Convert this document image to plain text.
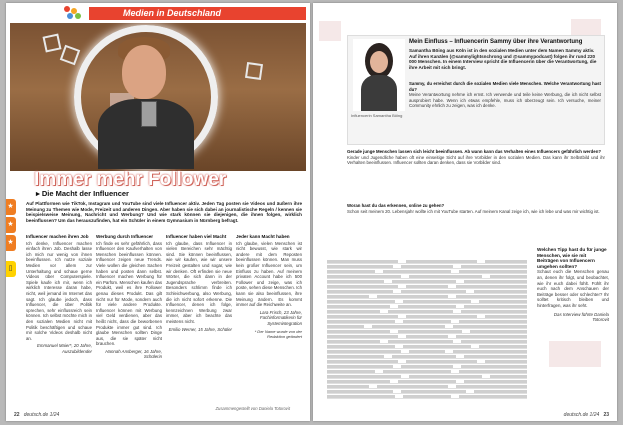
Medien in Deutschland
Immer mehr Follower
★
★
★
▯
▸ Die Macht der Influencer
Auf Plattformen wie TikTok, Instagram und YouTube sind viele Influencer aktiv. Jeden Tag posten sie Videos und äußern ihre Meinung zu Themen wie Mode, Freizeit und anderen Dingen. Aber haben sie sich dabei an journalistische Regeln / kennen sie beispielsweise Meinung, Nachricht und Werbung? Und wie stark können sie diejenigen, die ihnen folgen, wirklich beeinflussen? Um das herauszufinden, hat ein Schüler in einem Gymnasium in Nürnberg befragt.
Influencer machen ihren Job
Ich denke, Influencer machen einfach ihren Job. Deshalb lasse ich mich nur wenig von ihnen beeinflussen. Ich nutze soziale Medien vor allem zur Unterhaltung und schaue gerne Videos über Computerspiele. Spiele kaufe ich mir, wenn ich wirklich Interesse daran habe, nicht, weil jemand im Internet das sagt. Ich glaube jedoch, dass Influencer, die über Politik sprechen, sehr einflussreich sein können. Ich selbst möchte mich in den sozialen Medien nicht mit Politik beschäftigen und schaue mir solche Videos deshalb nicht an.
Emmanuel Maier*, 20 Jahre, Auszubildender
Werbung durch Influencer
Ich finde es sehr gefährlich, dass Influencer den Kaufverhalten von Menschen beeinflussen können. Influencer zeigen neue Trends. Viele wollen die gleichen Sachen haben und posten dann selbst. Influencer machen Werbung für ein Parfüm. Menschen kaufen das Produkt, weil es ihre Follower genau dieses Produkt. Das gilt nicht nur für Mode, sondern auch für viele andere Produkte. Influencer können mit Werbung viel Geld verdienen, aber das heißt nicht, dass die beworbenen Produkte immer gut sind. Ich glaube Menschen sollten Dinge aus, die sie später nicht brauchen.
Hannah Ansberger, 16 Jahre, Schülerin
Influencer haben viel Macht
Ich glaube, dass Influencer in vielen Bereichen sehr mächtig sind. Sie können beeinflussen, wie wir kaufen, wie wir unsere Freizeit gestalten und sogar, wie wir denken. Oft erfinden sie neue Wörter, die sich dann in der Jugendsprache verbreiten. Besonders schlimm finde ich Schleichwerbung, also Werbung, die ich nicht sofort erkenne. Die Influencer, denen ich folge, kennzeichnen Werbung zwar immer, aber ich beachte das meistens nicht.
Emilio Werner, 15 Jahre, Schüler
Jeder kann Macht haben
Ich glaube, vielen Menschen ist nicht bewusst, wie stark wir andere mit dem Reposten beeinflussen können. Man muss kein großer Influencer sein, um Einfluss zu haben. Auf meinem privaten Account habe ich 500 Follower und zeige, was ich poste, sehen diese Menschen. Ich kann sie also beeinflussen, ihre Meinung ändern. Es kommt immer auf die Reichweite an.
Lara Frisch, 23 Jahre, Fachinformatikerin für Systemintegration
* Der Name wurde von der Redaktion geändert
Zusammengestellt von Daniela Totorovit
22 deutsch.de 1/24
Influencerin Samantha Böing
Mein Einfluss – Influencerin Sammy über ihre Verantwortung
Samantha Böing aus Köln ist in den sozialen Medien unter dem Namen Sammy aktiv. Auf ihren Kanälen (@sammylightsnchrong und @sammypodcast) folgen ihr rund 220 000 Menschen. In einem Interview spricht die Influencerin über die Verantwortung, die ihre Arbeit mit sich bringt.
Sammy, du erreichst durch die sozialen Medien viele Menschen. Welche Verantwortung hast du?
Meine Verantwortung nehme ich ernst. Ich verwende und teile keine Werbung, die ich nicht selbst ausprobiert habe. Wenn ich etwas empfehle, muss ich überzeugt sein. Ich versuche, meiner Community ehrlich zu zeigen, was ich denke.
Gerade junge Menschen lassen sich leicht beeinflussen. Ab wann kann das Verhalten eines Influencers gefährlich werden?
Kinder und Jugendliche haben oft eine einseitige Sicht auf ihre Vorbilder in den sozialen Medien. Das kann ihr Selbstbild und ihr Verhalten beeinflussen. Influencer sollten daran denken, dass sie Vorbilder sind.
Woran hast du das erkennen, online zu gehen?
Schon seit meinem 20. Lebensjahr wollte ich mit YouTube starten. Auf meinem Kanal zeige ich, wie ich lebe und was mir wichtig ist.
Welchen Tipp hast du für junge Menschen, wie sie mit Beiträgen von Influencern umgehen sollten?
Schaut euch die Menschen genau an, denen ihr folgt, und beobachtet, wie ihr euch dabei fühlt. Fühlt ihr euch nach dem Anschauen der Beiträge besser oder schlechter? Ihr solltet kritisch bleiben und hinterfragen, was ihr seht.
Das Interview führte Daniela Totorovit
deutsch.de 1/24 23
